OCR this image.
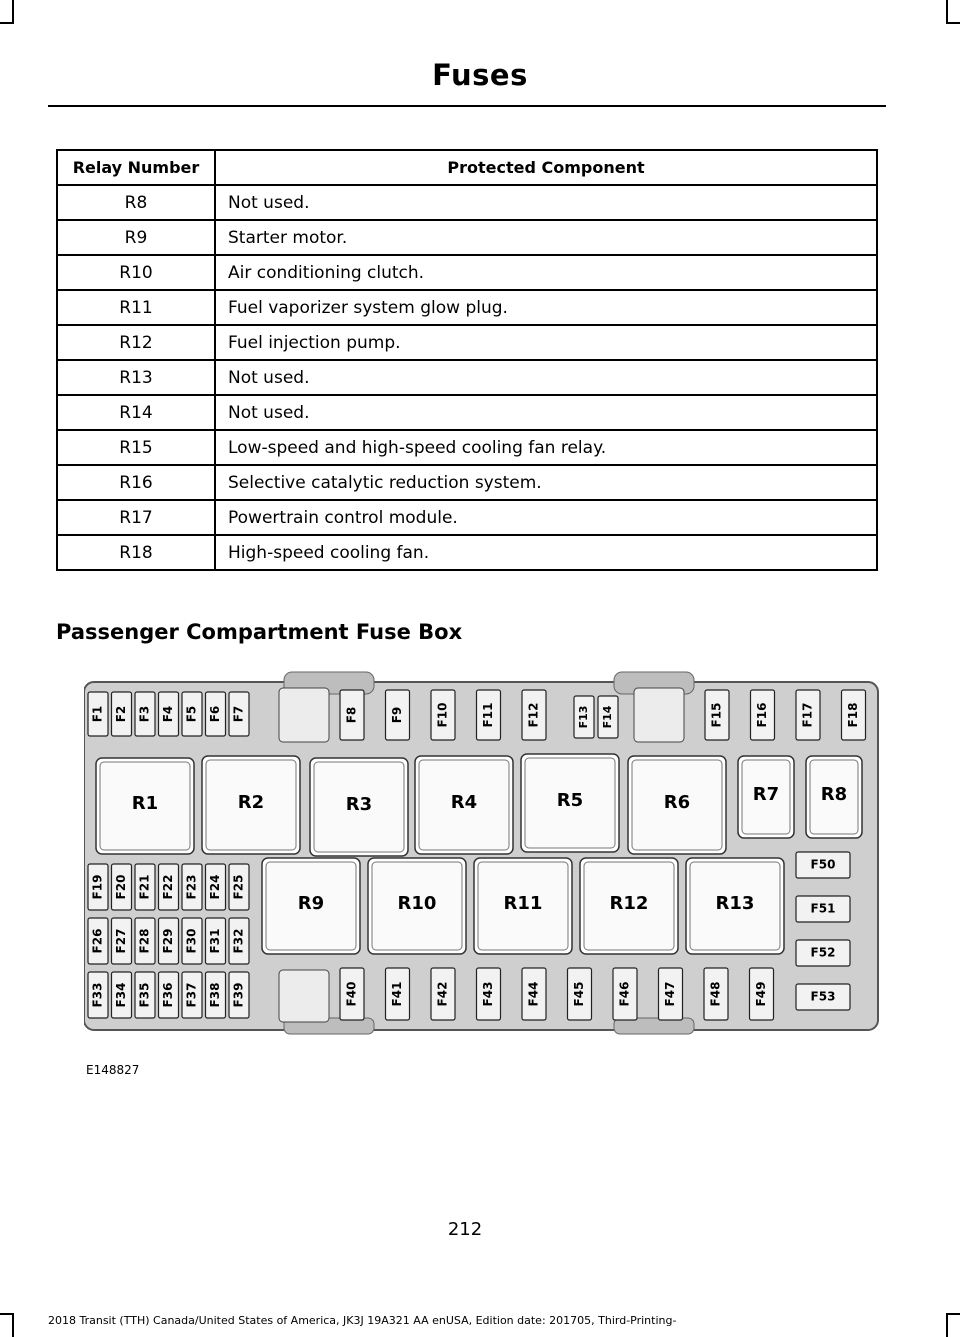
Fuses
Relay Number	Protected Component
R8	Not used.
R9	Starter motor.
R10	Air conditioning clutch.
R11	Fuel vaporizer system glow plug.
R12	Fuel injection pump.
R13	Not used.
R14	Not used.
R15	Low-speed and high-speed cooling fan relay.
R16	Selective catalytic reduction system.
R17	Powertrain control module.
R18	High-speed cooling fan.
Passenger Compartment Fuse Box
F1 F2 F3 F4 F5 F6 F7	F8	F9	F10	F11	F12	F13 F14	F15	F16	F17	F18
R1	R2	R3	R4	R5	R6	R7 R8
F19 F20 F21 F22 F23 F24 F25
F26 F27 F28 F29 F30 F31 F32
F33 F34 F35 F36 F37 F38 F39
R9	R10	R11	R12	R13
F40	F41	F42	F43	F44	F45	F46	F47	F48	F49
F50
F51
F52
F53
E148827
212
2018 Transit (TTH) Canada/United States of America, JK3J 19A321 AA enUSA, Edition date: 201705, Third-Printing-
